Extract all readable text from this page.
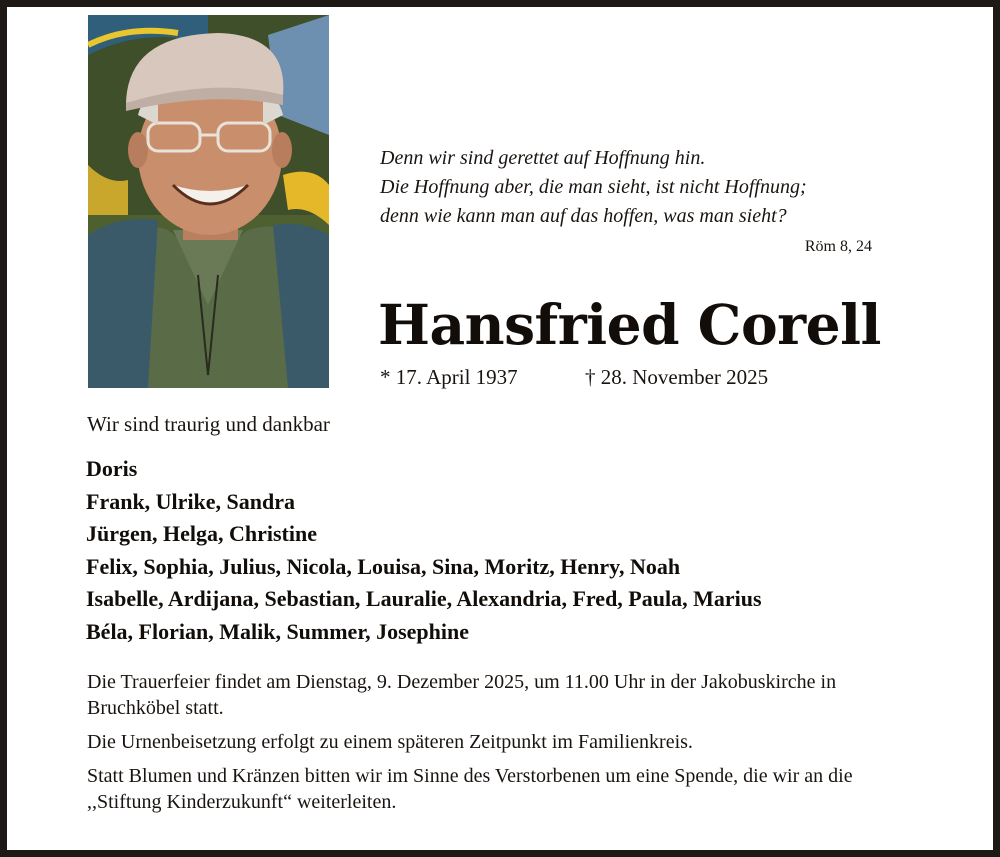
Denn wir sind gerettet auf Hoffnung hin.
Die Hoffnung aber, die man sieht, ist nicht Hoffnung;
denn wie kann man auf das hoffen, was man sieht?
Röm 8, 24
Hansfried Corell
* 17. April 1937	† 28. November 2025
Wir sind traurig und dankbar
Doris
Frank, Ulrike, Sandra
Jürgen, Helga, Christine
Felix, Sophia, Julius, Nicola, Louisa, Sina, Moritz, Henry, Noah
Isabelle, Ardijana, Sebastian, Lauralie, Alexandria, Fred, Paula, Marius
Béla, Florian, Malik, Summer, Josephine

Die Trauerfeier findet am Dienstag, 9. Dezember 2025, um 11.00 Uhr in der Jakobuskirche in Bruchköbel statt.

Die Urnenbeisetzung erfolgt zu einem späteren Zeitpunkt im Familienkreis.

Statt Blumen und Kränzen bitten wir im Sinne des Verstorbenen um eine Spende, die wir an die ,,Stiftung Kinderzukunft“ weiterleiten.
